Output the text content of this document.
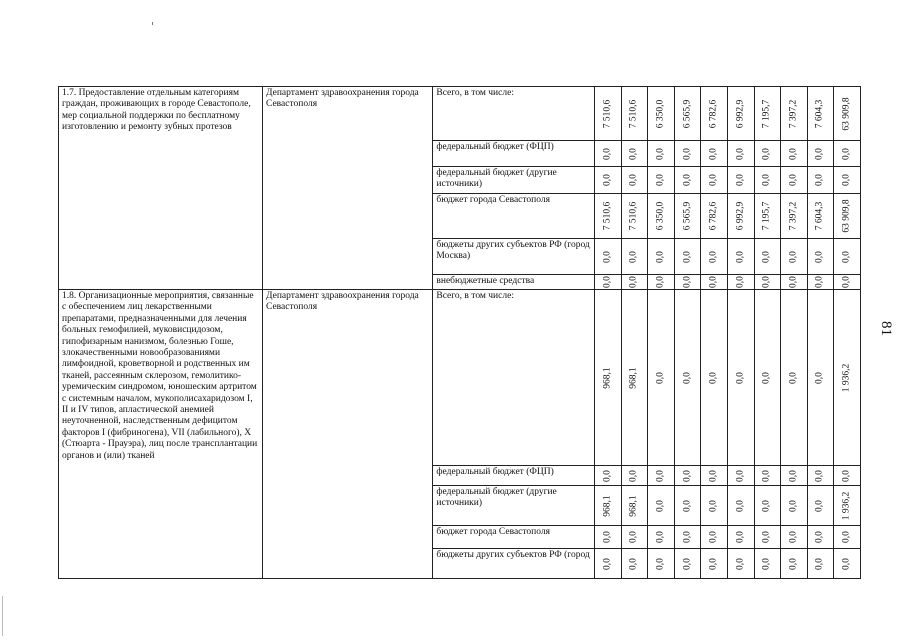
1.7. Предоставление отдельным категориям граждан, проживающих в городе Севастополе, мер социальной поддержки по бесплатному изготовлению и ремонту зубных протезов	Департамент здравоохранения города Севастополя	Всего, в том числе:	7 510,6	7 510,6	6 350,0	6 565,9	6 782,6	6 992,9	7 195,7	7 397,2	7 604,3	63 909,8

		федеральный бюджет (ФЦП)	0,0	0,0	0,0	0,0	0,0	0,0	0,0	0,0	0,0	0,0

		федеральный бюджет (другие источники)	0,0	0,0	0,0	0,0	0,0	0,0	0,0	0,0	0,0	0,0

		бюджет города Севастополя	7 510,6	7 510,6	6 350,0	6 565,9	6 782,6	6 992,9	7 195,7	7 397,2	7 604,3	63 909,8

		бюджеты других субъектов РФ (город Москва)	0,0	0,0	0,0	0,0	0,0	0,0	0,0	0,0	0,0	0,0

		внебюджетные средства	0,0	0,0	0,0	0,0	0,0	0,0	0,0	0,0	0,0	0,0

1.8. Организационные мероприятия, связанные с обеспечением лиц лекарственными препаратами, предназначенными для лечения больных гемофилией, муковисцидозом, гипофизарным нанизмом, болезнью Гоше, злокачественными новообразованиями лимфоидной, кроветворной и родственных им тканей, рассеянным склерозом, гемолитико-уремическим синдромом, юношеским артритом с системным началом, мукополисахаридозом I, II и IV типов, апластической анемией неуточненной, наследственным дефицитом факторов I (фибриногена), VII (лабильного), X (Стюарта - Прауэра), лиц после трансплантации органов и (или) тканей	Департамент здравоохранения города Севастополя	Всего, в том числе:	968,1	968,1	0,0	0,0	0,0	0,0	0,0	0,0	0,0	1 936,2

		федеральный бюджет (ФЦП)	0,0	0,0	0,0	0,0	0,0	0,0	0,0	0,0	0,0	0,0

		федеральный бюджет (другие источники)	968,1	968,1	0,0	0,0	0,0	0,0	0,0	0,0	0,0	1 936,2

		бюджет города Севастополя	0,0	0,0	0,0	0,0	0,0	0,0	0,0	0,0	0,0	0,0

		бюджеты других субъектов РФ (город	0,0	0,0	0,0	0,0	0,0	0,0	0,0	0,0	0,0	0,0
81
